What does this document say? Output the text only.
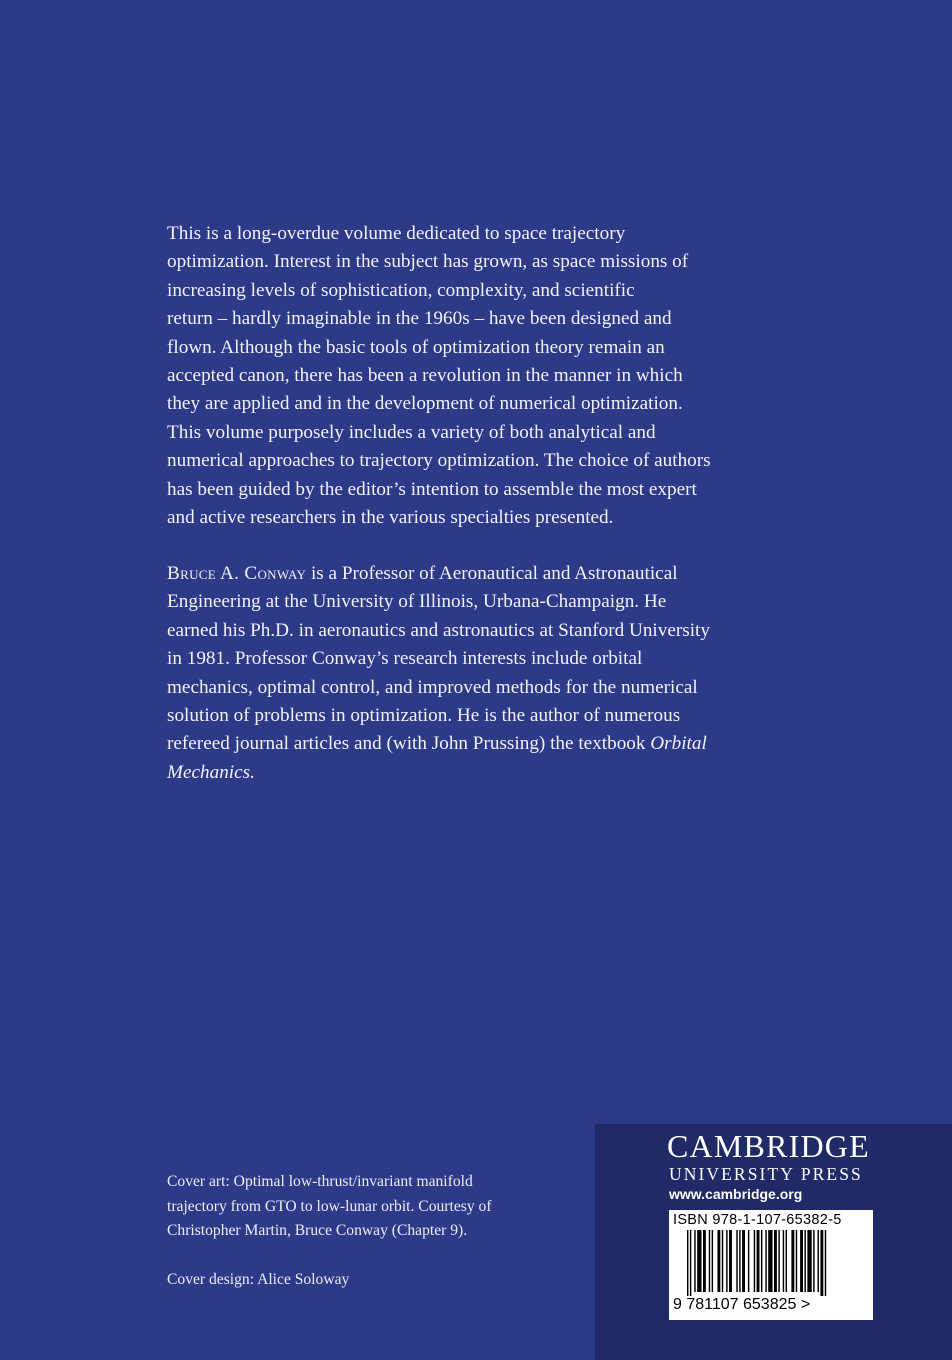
This is a long-overdue volume dedicated to space trajectory
optimization. Interest in the subject has grown, as space missions of
increasing levels of sophistication, complexity, and scientific
return – hardly imaginable in the 1960s – have been designed and
flown. Although the basic tools of optimization theory remain an
accepted canon, there has been a revolution in the manner in which
they are applied and in the development of numerical optimization.
This volume purposely includes a variety of both analytical and
numerical approaches to trajectory optimization. The choice of authors
has been guided by the editor’s intention to assemble the most expert
and active researchers in the various specialties presented.

Bruce A. Conway is a Professor of Aeronautical and Astronautical
Engineering at the University of Illinois, Urbana-Champaign. He
earned his Ph.D. in aeronautics and astronautics at Stanford University
in 1981. Professor Conway’s research interests include orbital
mechanics, optimal control, and improved methods for the numerical
solution of problems in optimization. He is the author of numerous
refereed journal articles and (with John Prussing) the textbook Orbital
Mechanics.

Cover art: Optimal low-thrust/invariant manifold
trajectory from GTO to low-lunar orbit. Courtesy of
Christopher Martin, Bruce Conway (Chapter 9).
Cover design: Alice Soloway
CAMBRIDGE
UNIVERSITY PRESS
www.cambridge.org
ISBN 978-1-107-65382-5
9 781107 653825 >
